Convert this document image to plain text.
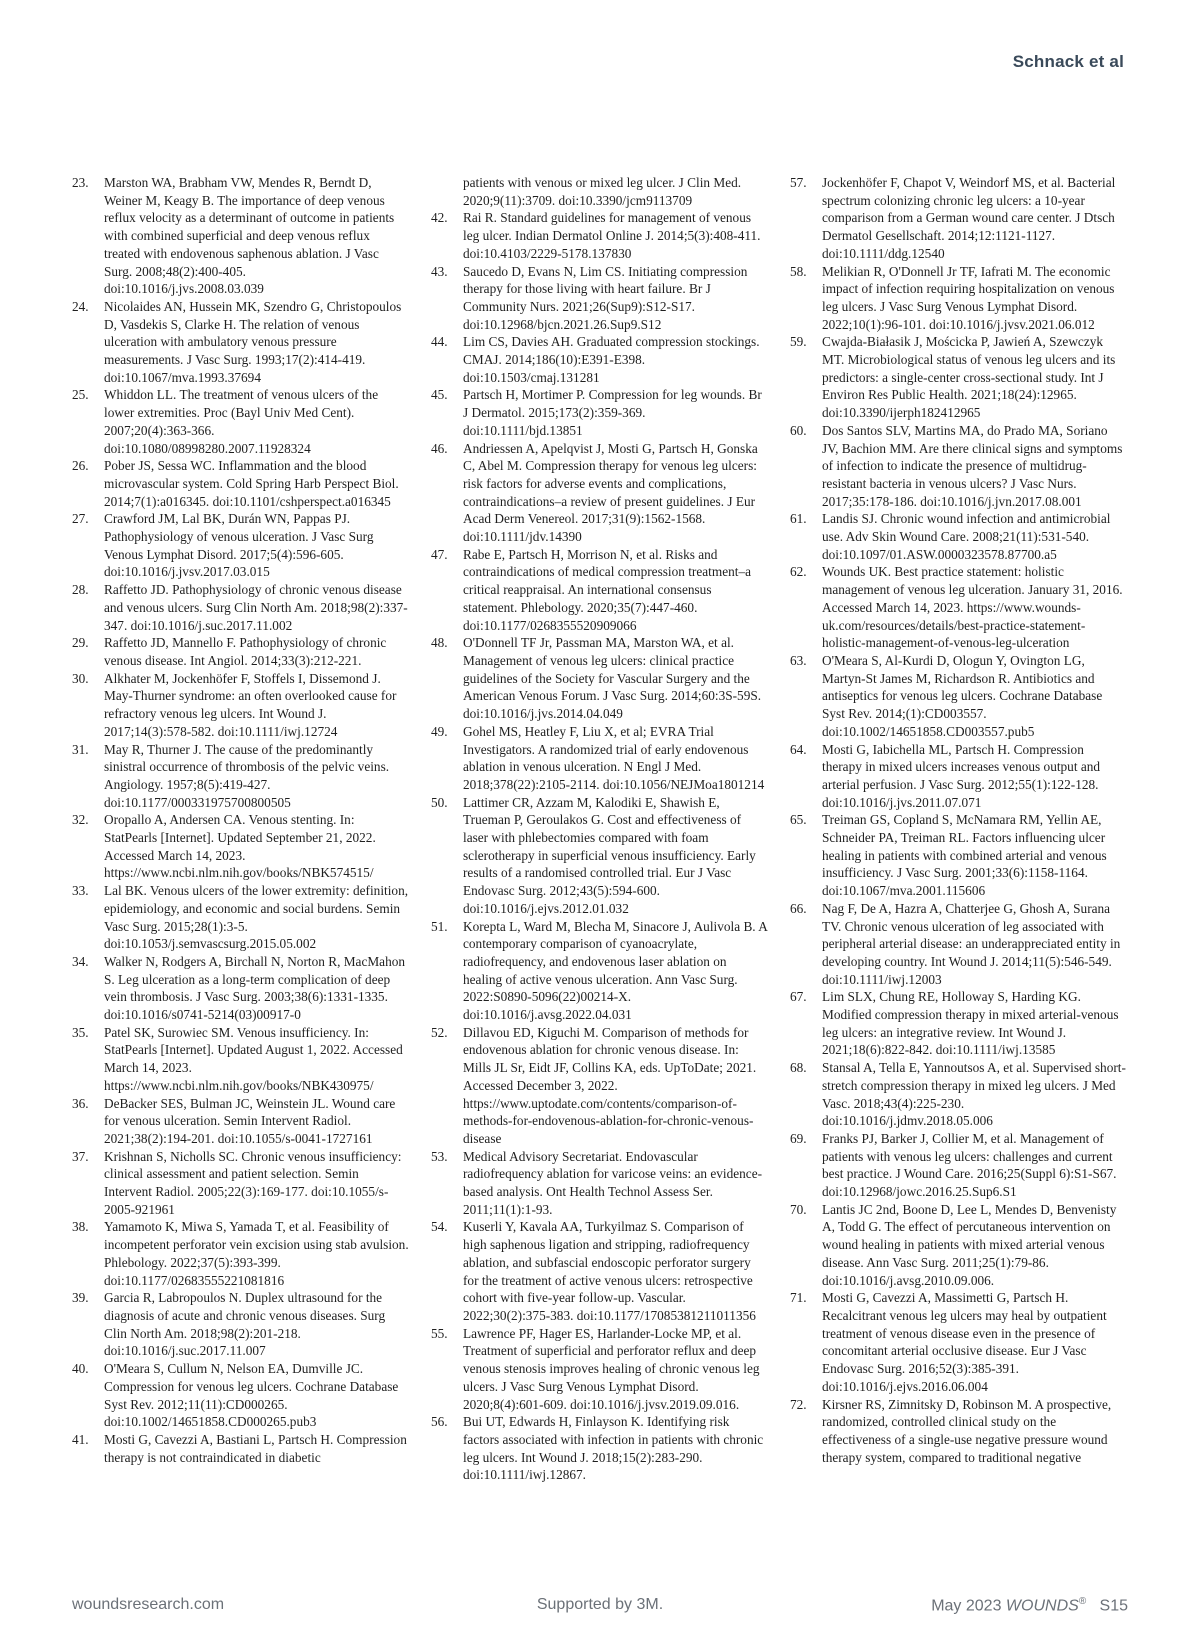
Schnack et al
23.	Marston WA, Brabham VW, Mendes R, Berndt D, Weiner M, Keagy B. The importance of deep venous reflux velocity as a determinant of outcome in patients with combined superficial and deep venous reflux treated with endovenous saphenous ablation. J Vasc Surg. 2008;48(2):400-405. doi:10.1016/j.jvs.2008.03.039
24.	Nicolaides AN, Hussein MK, Szendro G, Christopoulos D, Vasdekis S, Clarke H. The relation of venous ulceration with ambulatory venous pressure measurements. J Vasc Surg. 1993;17(2):414-419. doi:10.1067/mva.1993.37694
25.	Whiddon LL. The treatment of venous ulcers of the lower extremities. Proc (Bayl Univ Med Cent). 2007;20(4):363-366. doi:10.1080/08998280.2007.11928324
26.	Pober JS, Sessa WC. Inflammation and the blood microvascular system. Cold Spring Harb Perspect Biol. 2014;7(1):a016345. doi:10.1101/cshperspect.a016345
27.	Crawford JM, Lal BK, Durán WN, Pappas PJ. Pathophysiology of venous ulceration. J Vasc Surg Venous Lymphat Disord. 2017;5(4):596-605. doi:10.1016/j.jvsv.2017.03.015
28.	Raffetto JD. Pathophysiology of chronic venous disease and venous ulcers. Surg Clin North Am. 2018;98(2):337-347. doi:10.1016/j.suc.2017.11.002
29.	Raffetto JD, Mannello F. Pathophysiology of chronic venous disease. Int Angiol. 2014;33(3):212-221.
30.	Alkhater M, Jockenhöfer F, Stoffels I, Dissemond J. May-Thurner syndrome: an often overlooked cause for refractory venous leg ulcers. Int Wound J. 2017;14(3):578-582. doi:10.1111/iwj.12724
31.	May R, Thurner J. The cause of the predominantly sinistral occurrence of thrombosis of the pelvic veins. Angiology. 1957;8(5):419-427. doi:10.1177/000331975700800505
32.	Oropallo A, Andersen CA. Venous stenting. In: StatPearls [Internet]. Updated September 21, 2022. Accessed March 14, 2023. https://www.ncbi.nlm.nih.gov/books/NBK574515/
33.	Lal BK. Venous ulcers of the lower extremity: definition, epidemiology, and economic and social burdens. Semin Vasc Surg. 2015;28(1):3-5. doi:10.1053/j.semvascsurg.2015.05.002
34.	Walker N, Rodgers A, Birchall N, Norton R, MacMahon S. Leg ulceration as a long-term complication of deep vein thrombosis. J Vasc Surg. 2003;38(6):1331-1335. doi:10.1016/s0741-5214(03)00917-0
35.	Patel SK, Surowiec SM. Venous insufficiency. In: StatPearls [Internet]. Updated August 1, 2022. Accessed March 14, 2023. https://www.ncbi.nlm.nih.gov/books/NBK430975/
36.	DeBacker SES, Bulman JC, Weinstein JL. Wound care for venous ulceration. Semin Intervent Radiol. 2021;38(2):194-201. doi:10.1055/s-0041-1727161
37.	Krishnan S, Nicholls SC. Chronic venous insufficiency: clinical assessment and patient selection. Semin Intervent Radiol. 2005;22(3):169-177. doi:10.1055/s-2005-921961
38.	Yamamoto K, Miwa S, Yamada T, et al. Feasibility of incompetent perforator vein excision using stab avulsion. Phlebology. 2022;37(5):393-399. doi:10.1177/02683555221081816
39.	Garcia R, Labropoulos N. Duplex ultrasound for the diagnosis of acute and chronic venous diseases. Surg Clin North Am. 2018;98(2):201-218. doi:10.1016/j.suc.2017.11.007
40.	O'Meara S, Cullum N, Nelson EA, Dumville JC. Compression for venous leg ulcers. Cochrane Database Syst Rev. 2012;11(11):CD000265. doi:10.1002/14651858.CD000265.pub3
41.	Mosti G, Cavezzi A, Bastiani L, Partsch H. Compression therapy is not contraindicated in diabetic
patients with venous or mixed leg ulcer. J Clin Med. 2020;9(11):3709. doi:10.3390/jcm9113709
42.	Rai R. Standard guidelines for management of venous leg ulcer. Indian Dermatol Online J. 2014;5(3):408-411. doi:10.4103/2229-5178.137830
43.	Saucedo D, Evans N, Lim CS. Initiating compression therapy for those living with heart failure. Br J Community Nurs. 2021;26(Sup9):S12-S17. doi:10.12968/bjcn.2021.26.Sup9.S12
44.	Lim CS, Davies AH. Graduated compression stockings. CMAJ. 2014;186(10):E391-E398. doi:10.1503/cmaj.131281
45.	Partsch H, Mortimer P. Compression for leg wounds. Br J Dermatol. 2015;173(2):359-369. doi:10.1111/bjd.13851
46.	Andriessen A, Apelqvist J, Mosti G, Partsch H, Gonska C, Abel M. Compression therapy for venous leg ulcers: risk factors for adverse events and complications, contraindications–a review of present guidelines. J Eur Acad Derm Venereol. 2017;31(9):1562-1568. doi:10.1111/jdv.14390
47.	Rabe E, Partsch H, Morrison N, et al. Risks and contraindications of medical compression treatment–a critical reappraisal. An international consensus statement. Phlebology. 2020;35(7):447-460. doi:10.1177/0268355520909066
48.	O'Donnell TF Jr, Passman MA, Marston WA, et al. Management of venous leg ulcers: clinical practice guidelines of the Society for Vascular Surgery and the American Venous Forum. J Vasc Surg. 2014;60:3S-59S. doi:10.1016/j.jvs.2014.04.049
49.	Gohel MS, Heatley F, Liu X, et al; EVRA Trial Investigators. A randomized trial of early endovenous ablation in venous ulceration. N Engl J Med. 2018;378(22):2105-2114. doi:10.1056/NEJMoa1801214
50.	Lattimer CR, Azzam M, Kalodiki E, Shawish E, Trueman P, Geroulakos G. Cost and effectiveness of laser with phlebectomies compared with foam sclerotherapy in superficial venous insufficiency. Early results of a randomised controlled trial. Eur J Vasc Endovasc Surg. 2012;43(5):594-600. doi:10.1016/j.ejvs.2012.01.032
51.	Korepta L, Ward M, Blecha M, Sinacore J, Aulivola B. A contemporary comparison of cyanoacrylate, radiofrequency, and endovenous laser ablation on healing of active venous ulceration. Ann Vasc Surg. 2022:S0890-5096(22)00214-X. doi:10.1016/j.avsg.2022.04.031
52.	Dillavou ED, Kiguchi M. Comparison of methods for endovenous ablation for chronic venous disease. In: Mills JL Sr, Eidt JF, Collins KA, eds. UpToDate; 2021. Accessed December 3, 2022. https://www.uptodate.com/contents/comparison-of-methods-for-endovenous-ablation-for-chronic-venous-disease
53.	Medical Advisory Secretariat. Endovascular radiofrequency ablation for varicose veins: an evidence-based analysis. Ont Health Technol Assess Ser. 2011;11(1):1-93.
54.	Kuserli Y, Kavala AA, Turkyilmaz S. Comparison of high saphenous ligation and stripping, radiofrequency ablation, and subfascial endoscopic perforator surgery for the treatment of active venous ulcers: retrospective cohort with five-year follow-up. Vascular. 2022;30(2):375-383. doi:10.1177/17085381211011356
55.	Lawrence PF, Hager ES, Harlander-Locke MP, et al. Treatment of superficial and perforator reflux and deep venous stenosis improves healing of chronic venous leg ulcers. J Vasc Surg Venous Lymphat Disord. 2020;8(4):601-609. doi:10.1016/j.jvsv.2019.09.016.
56.	Bui UT, Edwards H, Finlayson K. Identifying risk factors associated with infection in patients with chronic leg ulcers. Int Wound J. 2018;15(2):283-290. doi:10.1111/iwj.12867.
57.	Jockenhöfer F, Chapot V, Weindorf MS, et al. Bacterial spectrum colonizing chronic leg ulcers: a 10-year comparison from a German wound care center. J Dtsch Dermatol Gesellschaft. 2014;12:1121-1127. doi:10.1111/ddg.12540
58.	Melikian R, O'Donnell Jr TF, Iafrati M. The economic impact of infection requiring hospitalization on venous leg ulcers. J Vasc Surg Venous Lymphat Disord. 2022;10(1):96-101. doi:10.1016/j.jvsv.2021.06.012
59.	Cwajda-Białasik J, Mościcka P, Jawień A, Szewczyk MT. Microbiological status of venous leg ulcers and its predictors: a single-center cross-sectional study. Int J Environ Res Public Health. 2021;18(24):12965. doi:10.3390/ijerph182412965
60.	Dos Santos SLV, Martins MA, do Prado MA, Soriano JV, Bachion MM. Are there clinical signs and symptoms of infection to indicate the presence of multidrug-resistant bacteria in venous ulcers? J Vasc Nurs. 2017;35:178-186. doi:10.1016/j.jvn.2017.08.001
61.	Landis SJ. Chronic wound infection and antimicrobial use. Adv Skin Wound Care. 2008;21(11):531-540. doi:10.1097/01.ASW.0000323578.87700.a5
62.	Wounds UK. Best practice statement: holistic management of venous leg ulceration. January 31, 2016. Accessed March 14, 2023. https://www.wounds-uk.com/resources/details/best-practice-statement-holistic-management-of-venous-leg-ulceration
63.	O'Meara S, Al-Kurdi D, Ologun Y, Ovington LG, Martyn-St James M, Richardson R. Antibiotics and antiseptics for venous leg ulcers. Cochrane Database Syst Rev. 2014;(1):CD003557. doi:10.1002/14651858.CD003557.pub5
64.	Mosti G, Iabichella ML, Partsch H. Compression therapy in mixed ulcers increases venous output and arterial perfusion. J Vasc Surg. 2012;55(1):122-128. doi:10.1016/j.jvs.2011.07.071
65.	Treiman GS, Copland S, McNamara RM, Yellin AE, Schneider PA, Treiman RL. Factors influencing ulcer healing in patients with combined arterial and venous insufficiency. J Vasc Surg. 2001;33(6):1158-1164. doi:10.1067/mva.2001.115606
66.	Nag F, De A, Hazra A, Chatterjee G, Ghosh A, Surana TV. Chronic venous ulceration of leg associated with peripheral arterial disease: an underappreciated entity in developing country. Int Wound J. 2014;11(5):546-549. doi:10.1111/iwj.12003
67.	Lim SLX, Chung RE, Holloway S, Harding KG. Modified compression therapy in mixed arterial-venous leg ulcers: an integrative review. Int Wound J. 2021;18(6):822-842. doi:10.1111/iwj.13585
68.	Stansal A, Tella E, Yannoutsos A, et al. Supervised short-stretch compression therapy in mixed leg ulcers. J Med Vasc. 2018;43(4):225-230. doi:10.1016/j.jdmv.2018.05.006
69.	Franks PJ, Barker J, Collier M, et al. Management of patients with venous leg ulcers: challenges and current best practice. J Wound Care. 2016;25(Suppl 6):S1-S67. doi:10.12968/jowc.2016.25.Sup6.S1
70.	Lantis JC 2nd, Boone D, Lee L, Mendes D, Benvenisty A, Todd G. The effect of percutaneous intervention on wound healing in patients with mixed arterial venous disease. Ann Vasc Surg. 2011;25(1):79-86. doi:10.1016/j.avsg.2010.09.006.
71.	Mosti G, Cavezzi A, Massimetti G, Partsch H. Recalcitrant venous leg ulcers may heal by outpatient treatment of venous disease even in the presence of concomitant arterial occlusive disease. Eur J Vasc Endovasc Surg. 2016;52(3):385-391. doi:10.1016/j.ejvs.2016.06.004
72.	Kirsner RS, Zimnitsky D, Robinson M. A prospective, randomized, controlled clinical study on the effectiveness of a single-use negative pressure wound therapy system, compared to traditional negative
woundsresearch.com	Supported by 3M.	May 2023 WOUNDS® S15
